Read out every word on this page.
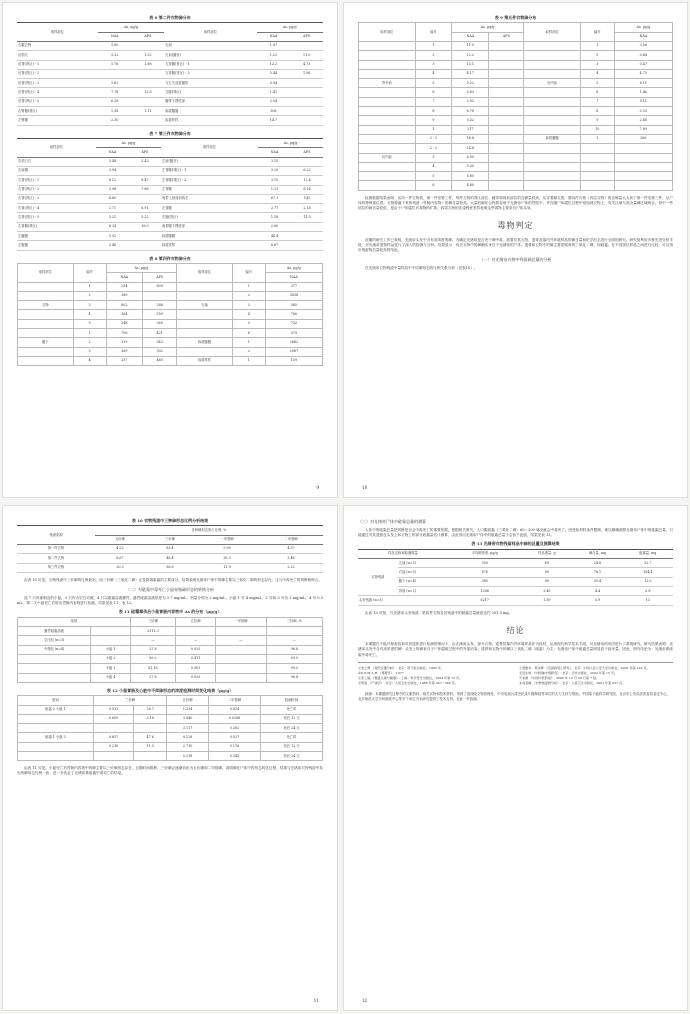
表 6 第二件衣物砷分布
取样部位	As, μg/g		取样部位	As, μg/g	
	NAA	AFS		NAA	AFS
右腋衣物	1.60		左肩	1.07	
后领衣	3.22	1.52	左肩(腰音)	1.22	11.0
后背(背区) - 1	1.76	1.88	左背腰(背区) - 1	12.2	4.73
后背(背区) - 2			左背腰(背区) - 2	3.44	1.96
后背(背区) - 3	1.62		与左关前蓝腰带	5.94	
后背(背区) - 4	7.78	13.8	左腿(背区)	1.41	
后背(背区) - 5	6.28		腰带下摆底部	2.54	
右臂腰(背区)	1.38	1.11	拆拔腰腰	308	
左臂腰	2.30		拆拔样样	14.7	
表 7 第三件衣物砷分布
取样部位	As, μg/g		取样部位	As, μg/g	
	NAA	AFS		NAA	AFS
右领口衣	3.48	2.43	左肩(腰音)	3.15	
右肩腰	3.94		左背腰(背区) - 1	3.20	6.22
右背(背区) - 1	6.12	8.47	左背腰(背区) - 2	3.15	12.4
右背(背区) - 2	3.98	7.86	左背腰	1.23	8.14
右背(背区) - 3	4.80		表带上颈前前线左	67.1	141
右背(背区) - 4	2.71	6.91	左背腰	2.77	2.18
右背(背区) - 5	3.21	5.22	左腿(背区)	1.18	11.5
右背腰(背区)	6.34	16.0	表带腰下摆底部	2.60	
左腰腰	5.92		拆拔腰腰	44.4	
左腹腰	3.46		拆拔样样	8.67	
表 8 第四件衣物砷分布
取样部位	编号	As, μg/g		取样部位	编号	As, μg/g
		NAA	AFS			NAA
	1	254	809		1	377
	2	280			2	3438
衣物	3	802	288	石袖	3	585
	4	164	559		4	760
	5	248	365		5	733
	1	706	421		6	579
腹下	2	329	543	拆拔腰腰	1	2882
	3	369	302		2	2087
	4	257	465	拆拔样样	1	159
9
表 9 第五件衣物砷分布
取样部位	编号	As, μg/g		取样部位	编号	As, μg/g
		NAA	AFS			NAA
	1	11.0			1	3.56
	2	12.2			2	0.84
	3	13.1			3	0.47
	4	4.17			4	4.73
背外前	5	5.22		后内前	5	8.11
	6	5.63			6	1.46
	7	2.02			7	5.11
	8	6.78			8	0.33
	9	5.32			9	2.48
	1	217			10	7.89
	2 - 1	16.8		拆拔腰腰	1	266
	2 - 2	14.8				
后内前	3	6.00				
	4	5.30				
	5	5.80				
	6	4.60				

检测数据结果表明：从同一件衣物看，第一件至第三件，每件衣物的背区前位、腋带和领肩部位的含砷量较高；从穿着顺衣看，第四件衣物（内层衣物）的含砷量大大高于第一件至第三件；从尸体的特殊部位看，衣物掉落下来的残渣（胃肠内容物）的砷含量较高。大量的砷化合物曾存留于光绪帝尸体的胃腔中，并在随尸体腐烂过程中侵蚀到衣物上，有关区域与高含量砷区域吻合。背中一些部位的砷含量较低，是由于尸体腐烂后毒物的扩散。四周衣物的沾染程度差异表明这些毒物主要来自尸体本身。

毒物判定

前期的研究工作已表明，光绪帝头发中含有高浓度的砷。为确定光绪帝是否死于砷中毒，需要对其衣物、遗骨及墓内外环境样品的砷含量和化学形态进行全面的研究。研究组利用多种先进分析手段，对光绪帝遗物样品进行了深入的检测与分析。结果显示：有关衣物中的砷确实来自于光绪帝的尸体。遗骨和衣物中的砷主要是剧毒的三氧化二砷，即砒霜。在不同部位样品之间进行比较，可以得出残留物总量较高的结论。

（一）对光绪帝衣物中残留砷总量的分析

在光绪帝衣物残渣中量样品中不同砷形态的比例关系分析（见表10）。

10
表 10 衣物残渣中三种砷形态比例分析结果
残渣来源	各种砷形态所占比例, %			
	五价砷	三价砷	一甲基砷	二甲基砷
第一件衣物	4.23	85.4	5.99	4.37
第二件衣物	6.67	48.4	35.3	3.48
第三件衣物	20.3	56.6	11.9	2.22

由表 10 可见，衣物残渣中三价砷的比例最高，而三价砷（三氧化二砷）正是剧毒砒霜的主要成分。结果表明光绪帝尸体中的砷主要以三氧化二砷的形态存在，这与中毒死亡的判断相吻合。

（二）对砒霜中毒死亡小鼠胃肠砷形态的转换分析

选 7 只体重相近的小鼠，3 只作为空白对照，4 只以砒霜溶液灌胃。灌胃砒霜溶液浓度为 2.7 mg/mL，剂量分别为 2 mg/mL，小鼠 1 号 4 mg/mL、2 号和 3 号各 3 mg/mL、4 号 0.5 mL，第二天小鼠死亡后取出胃肠内容物进行检测，结果见表 11、表 12。

表 11 砒霜毒杀后小鼠胃肠内容物中 As 的分布（μg/g）
组别		三价砷	五价砷	一甲基砷	三价砷, %
灌胃砒霜溶液		2311.3			
空白组 (n=3)		—	—	—	—
中毒组 (n=4)	小鼠 1	27.8	0.925		96.8
	小鼠 2	69.2	0.411		99.0
	小鼠 3	81.16	0.903		99.0
	小鼠 4	27.8	0.925		96.8
表 12 小鼠胃肠及心脏中不同砷形态的浓度检测时间变化结果（μg/g）
组别	三价砷		五价砷	二甲基砷	检测时间
砒霜 2 小鼠 1	0.532	26.7	1.334	0.824	死亡时
	0.655	3.18	3.940	0.0288	死后 12 天
			3.117	0.282	死后 24 天
砒霜 1 小鼠 3	0.657	47.6	0.128	0.027	死亡时
	0.238	11.5	2.710	0.116	死后 12 天
			5.218	0.543	死后 24 天

由表 11 可见，小鼠死亡后胃肠内容物中的砷主要以三价砷形态存在，且随时间推移，三价砷会逐渐转化为五价砷和二甲基砷，说明砷在尸体中的形态转化过程。结果与光绪帝衣物残渣中检出的砷形态比例一致，进一步佐证了光绪帝系砒霜中毒死亡的结论。

11
（三）对光绪帝尸体中砒霜总量的测算

人体中的砒霜总量是判断是否会中毒死亡的重要依据。根据相关研究，人口服砒霜（三氧化二砷）60～200 毫克就会中毒死亡。因受检材料条件限制，难以精确测算光绪帝尸体中的砒霜总量，只能通过对其遗留在头发上和衣物上的部分砒霜量估计测算，由此得出光绪帝尸体中的砒霜总量不会低于此值，结果见表 13。

表 13 光绪帝衣物残留样品中砷的总量及测算结果
样品名称和检测数量		平均砷浓度, μg/g	样品重量, g	砷含量, mg	砒霜量, mg
衣物残渣	左袖 (n=5)	350	69	24.8	32.7
	右袖 (n=5)	870	90	78.1	104.4
	腹下 (n=4)	383	90	35.4	12.0
	背面 (n=2)	1286	3.45	4.4	5.8
头发残渣 (n=5)		6217	1.59	5.9	13

由表 13 可知，仅光绪帝头发残渣、第四件衣物及其残渣中的砒霜总量就高达约 201.5 mg。

结论

本课题在不能开棺查验和对其遗体进行检测的情况下，由光绪帝头发、部分衣物、遗骨及墓内外环境样品作为检材，运用现代科学技术手段，对光绪帝的死因进行了系统研究。研究结果表明：光绪帝头发中含有高浓度的砷；头发上的砷来自于尸体腐败过程中的外部沾染；遗骨和衣物中的砷以三氧化二砷（砒霜）为主；光绪帝尸体中砒霜总量明显高于致死量。因此，研究结论为：光绪帝系砒霜中毒死亡。

①朱之勇 《现代仪器分析》. 北京：原子能出版社，1982 年。

②K.E.M.A.H 《毒理学》. 1977.

③张三编 《微量元素与健康》. 上海：科学普及出版社，1994 年第 73 页。

④陈曼 《尸体学》. 北京：人民卫生出版社，1988 年第 347～349 页。

⑤周旅华、贾永辉 《荒诞的死亡研究》，北京：中国人民公安大学出版社，2005 年第 122 页。

⑥吴生琪 《中国砷中毒研究》. 北京：学术出版社，2004 年第 15 页。

⑦来源 《中国中医药报》. 2006 年 12 月 20 日第 7 版。

⑧刘其翰 《衣物残留物分析》. 北京：人民卫生出版社，2001 年第 837 页。

致谢：本课题研究过程中的文献资料、相关实物和技术资料，得到了清西陵文物管理处、中央电视台清史纪录片摄制组等单位的大力支持与帮助。中国原子能科学研究院、北京市公安局法医检验鉴定中心、北京师范大学分析测试中心等多个单位为本研究提供了技术支持，在此一并致谢。

12
